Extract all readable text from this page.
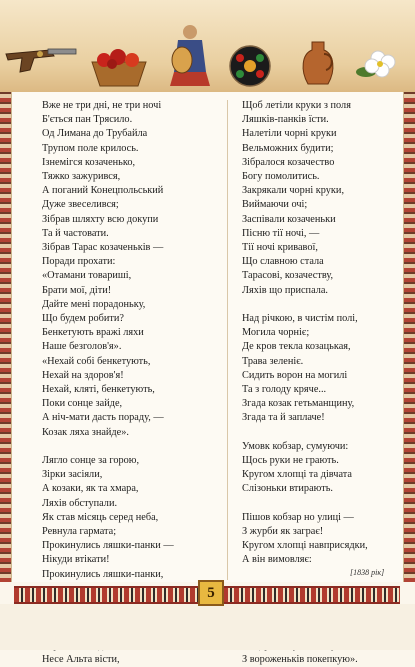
Вже не три дні, не три ночі
Б'ється пан Трясило.
Од Лимана до Трубайла
Трупом поле крилось.
Ізнемігся козаченько,
Тяжко зажурився,
А поганий Конецпольський
Дуже звеселився;
Зібрав шляхту всю докупи
Та й частовати.
Зібрав Тарас козаченьків —
Поради прохати:
«Отамани товариші,
Брати мої, діти!
Дайте мені порадоньку,
Що будем робити?
Бенкетують вражі ляхи
Наше безголов'я».
«Нехай собі бенкетують,
Нехай на здоров'я!
Нехай, кляті, бенкетують,
Поки сонце зайде,
А ніч-мати дасть пораду, —
Козак ляха знайде».
Лягло сонце за горою,
Зірки засіяли,
А козаки, як та хмара,
Ляхів обступали.
Як став місяць серед неба,
Ревнула гармата;
Прокинулись ляшки-панки —
Нікуди втікати!
Прокинулись ляшки-панки,
Несе Альта вісти,
Щоб летіли круки з поля
Ляшків-панків їсти.
Налетіли чорні круки
Вельможних будити;
Зібралося козачество
Богу помолитись.
Закрякали чорні круки,
Виймаючи очі;
Заспівали козаченьки
Пісню тії ночі, —
Тії ночі кривавої,
Що славною стала
Тарасові, козачеству,
Ляхів що приспала.
Над річкою, в чистім полі,
Могила чорніє;
Де кров текла козацькая,
Трава зеленіє.
Сидить ворон на могилі
Та з голоду кряче...
Згада козак гетьманщину,
Згада та й заплаче!
Умовк кобзар, сумуючи:
Щось руки не грають.
Кругом хлопці та дівчата
Слізоньки втирають.
Пішов кобзар но улиці —
З журби як заграє!
Кругом хлопці навприсядки,
А він вимовляє:
З вороженьків покепкую».
[1838 рік]
5
